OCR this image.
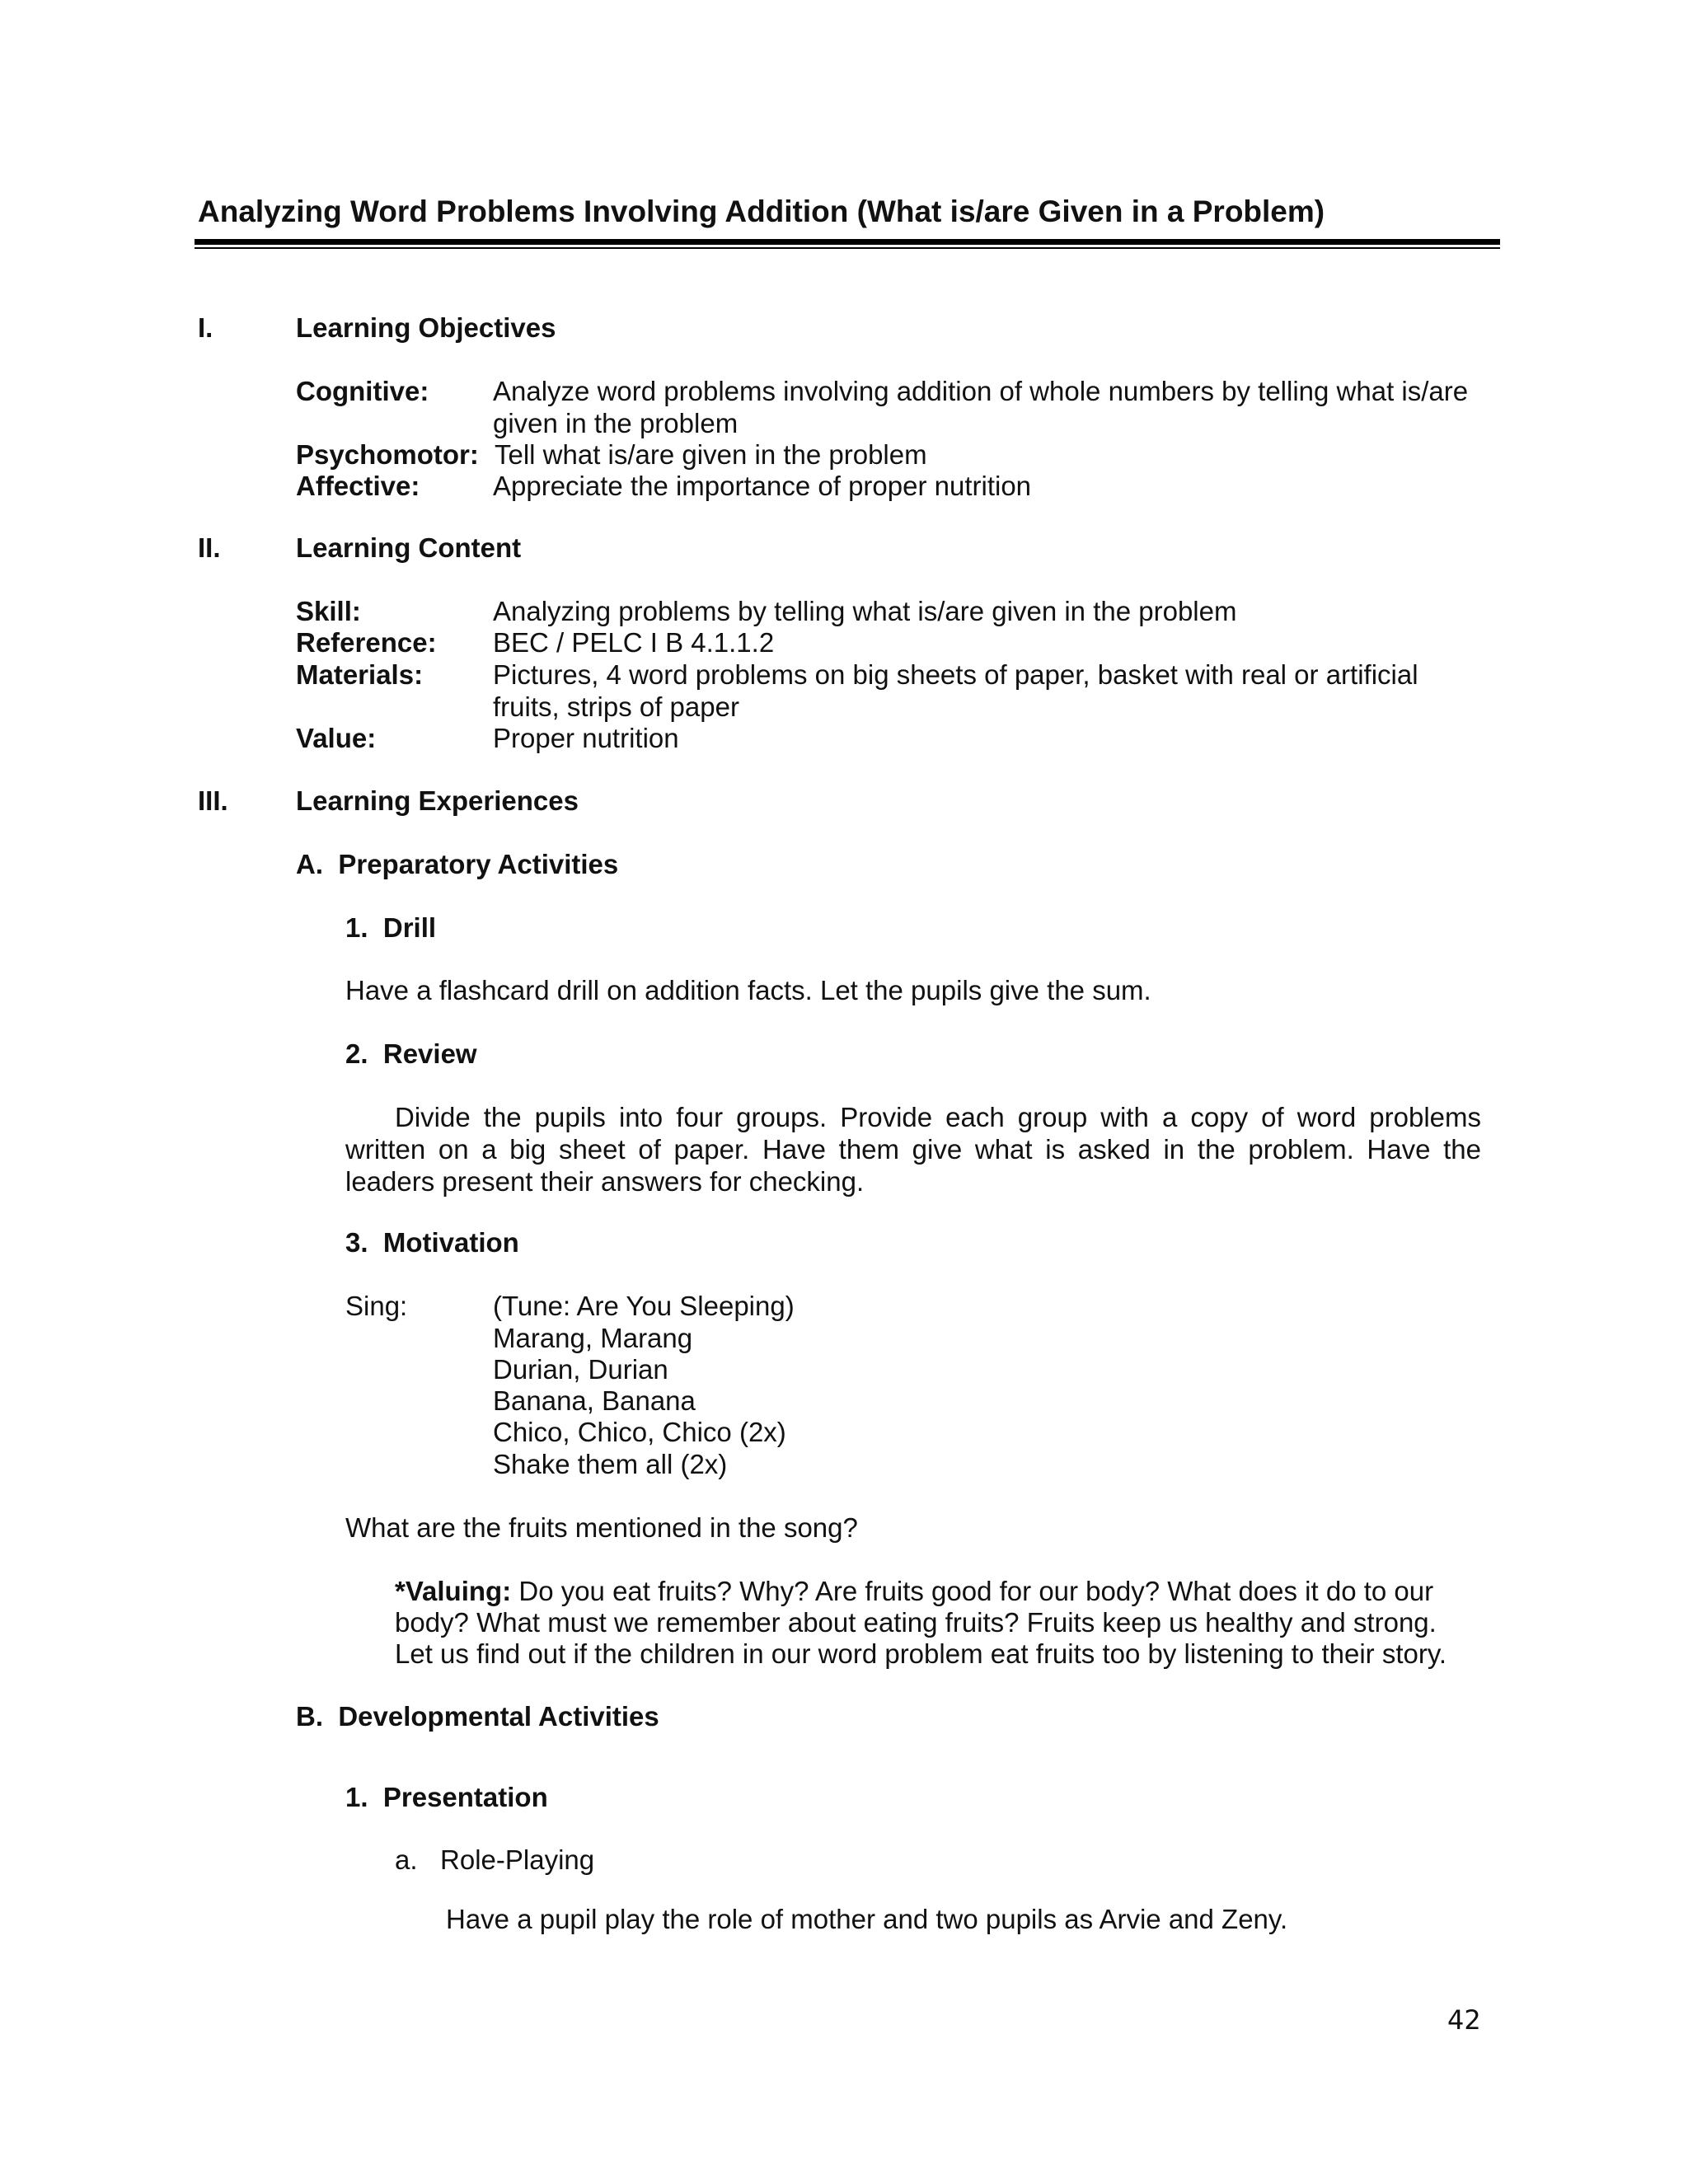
Analyzing Word Problems Involving Addition (What is/are Given in a Problem)
I.	Learning Objectives
Cognitive: Analyze word problems involving addition of whole numbers by telling what is/are
given in the problem
Psychomotor: Tell what is/are given in the problem
Affective:	Appreciate the importance of proper nutrition
II.	Learning Content
Skill:	Analyzing problems by telling what is/are given in the problem
Reference: BEC / PELC I B 4.1.1.2
Materials:	Pictures, 4 word problems on big sheets of paper, basket with real or artificial
fruits, strips of paper
Value:	Proper nutrition
III. Learning Experiences
A.  Preparatory Activities
1.  Drill
Have a flashcard drill on addition facts. Let the pupils give the sum.
2.  Review
Divide the pupils into four groups. Provide each group with a copy of word problems written on a big sheet of paper. Have them give what is asked in the problem. Have the leaders present their answers for checking.
3.  Motivation
Sing:	(Tune: Are You Sleeping)
Marang, Marang
Durian, Durian
Banana, Banana
Chico, Chico, Chico (2x)
Shake them all (2x)
What are the fruits mentioned in the song?
*Valuing: Do you eat fruits? Why? Are fruits good for our body? What does it do to our
body? What must we remember about eating fruits? Fruits keep us healthy and strong.
Let us find out if the children in our word problem eat fruits too by listening to their story.
B.  Developmental Activities
1.  Presentation
a.   Role-Playing
Have a pupil play the role of mother and two pupils as Arvie and Zeny.
42
